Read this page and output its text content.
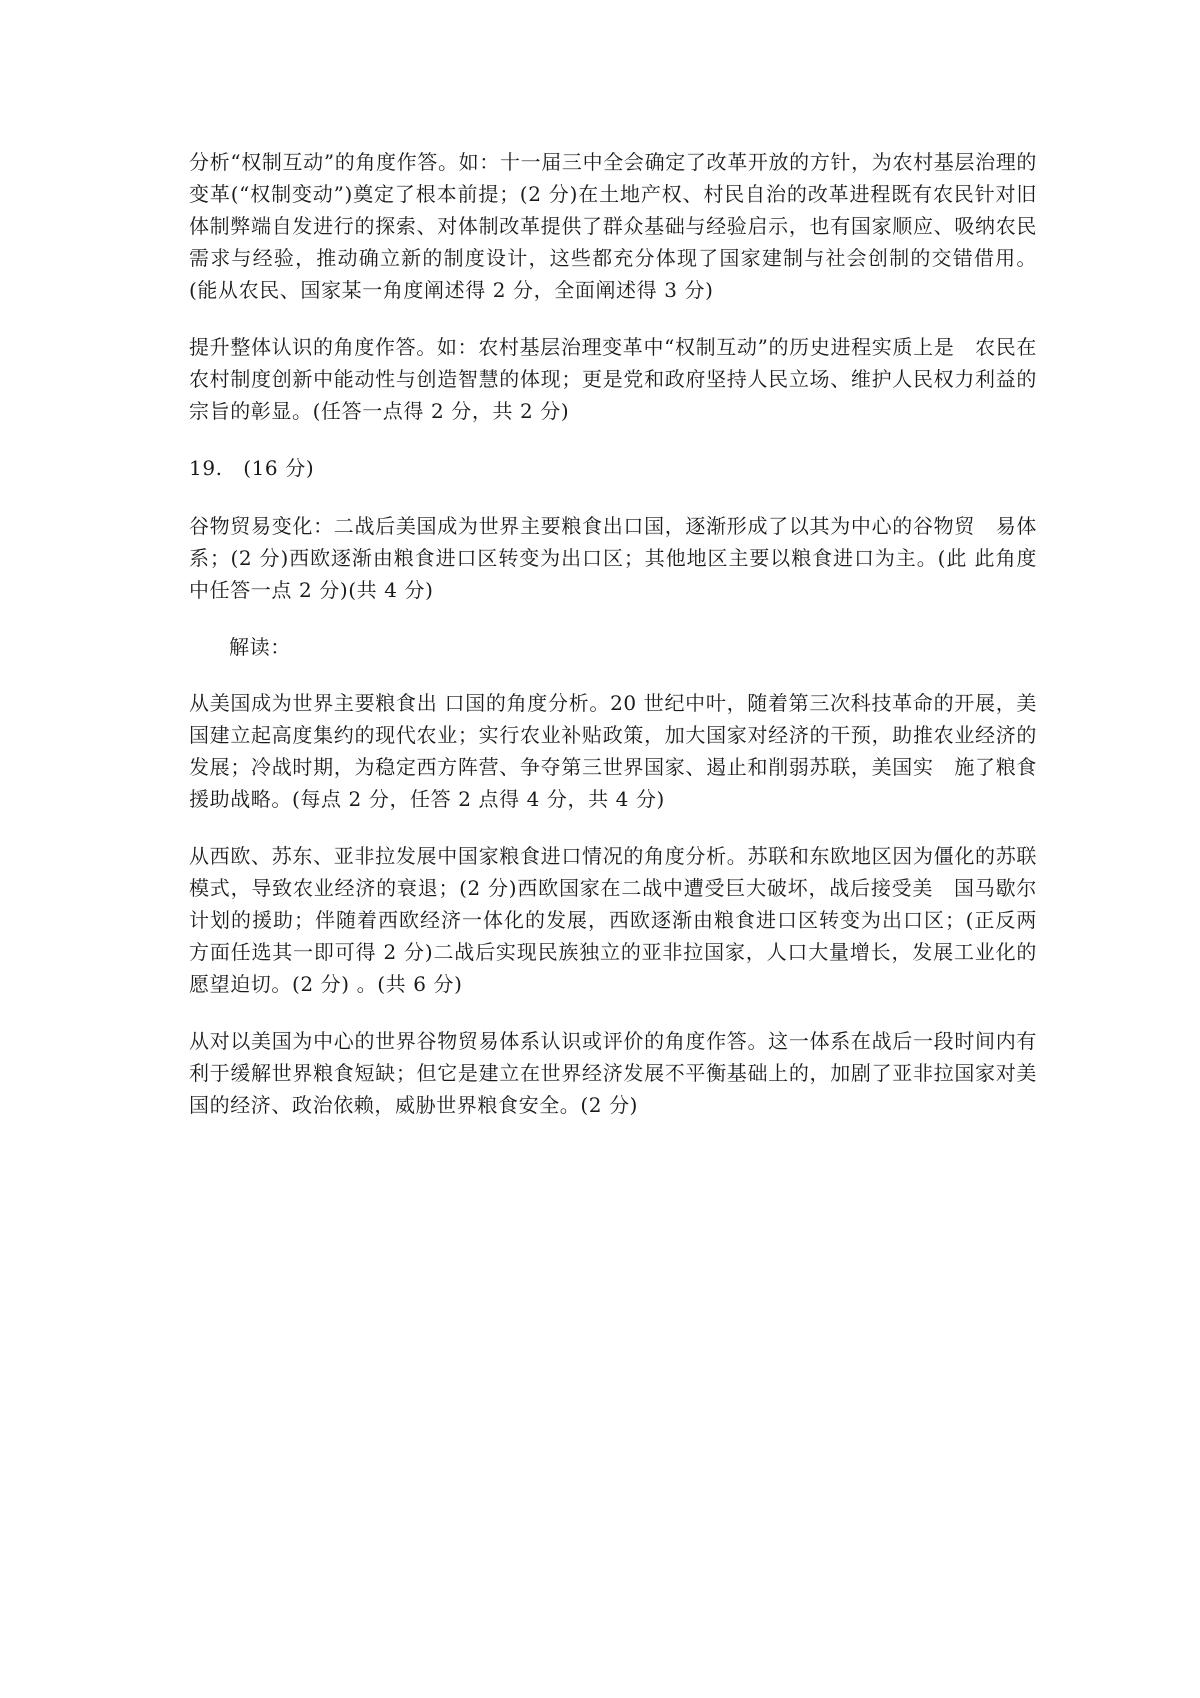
分析“权制互动”的角度作答。如：十一届三中全会确定了改革开放的方针，为农村基层治理的变革(“权制变动”)奠定了根本前提；(2 分)在土地产权、村民自治的改革进程既有农民针对旧体制弊端自发进行的探索、对体制改革提供了群众基础与经验启示，也有国家顺应、吸纳农民需求与经验，推动确立新的制度设计，这些都充分体现了国家建制与社会创制的交错借用。(能从农民、国家某一角度阐述得 2 分，全面阐述得 3 分)

提升整体认识的角度作答。如：农村基层治理变革中“权制互动”的历史进程实质上是　农民在农村制度创新中能动性与创造智慧的体现；更是党和政府坚持人民立场、维护人民权力利益的宗旨的彰显。(任答一点得 2 分，共 2 分)

19.　(16 分)

谷物贸易变化：二战后美国成为世界主要粮食出口国，逐渐形成了以其为中心的谷物贸　易体系；(2 分)西欧逐渐由粮食进口区转变为出口区；其他地区主要以粮食进口为主。(此 此角度中任答一点 2 分)(共 4 分)

解读：

从美国成为世界主要粮食出 口国的角度分析。20 世纪中叶，随着第三次科技革命的开展，美国建立起高度集约的现代农业；实行农业补贴政策，加大国家对经济的干预，助推农业经济的发展；冷战时期，为稳定西方阵营、争夺第三世界国家、遏止和削弱苏联，美国实　施了粮食援助战略。(每点 2 分，任答 2 点得 4 分，共 4 分)

从西欧、苏东、亚非拉发展中国家粮食进口情况的角度分析。苏联和东欧地区因为僵化的苏联模式，导致农业经济的衰退；(2 分)西欧国家在二战中遭受巨大破坏，战后接受美　国马歇尔计划的援助；伴随着西欧经济一体化的发展，西欧逐渐由粮食进口区转变为出口区；(正反两方面任选其一即可得 2 分)二战后实现民族独立的亚非拉国家，人口大量增长，发展工业化的愿望迫切。(2 分) 。(共 6 分)

从对以美国为中心的世界谷物贸易体系认识或评价的角度作答。这一体系在战后一段时间内有利于缓解世界粮食短缺；但它是建立在世界经济发展不平衡基础上的，加剧了亚非拉国家对美国的经济、政治依赖，威胁世界粮食安全。(2 分)
